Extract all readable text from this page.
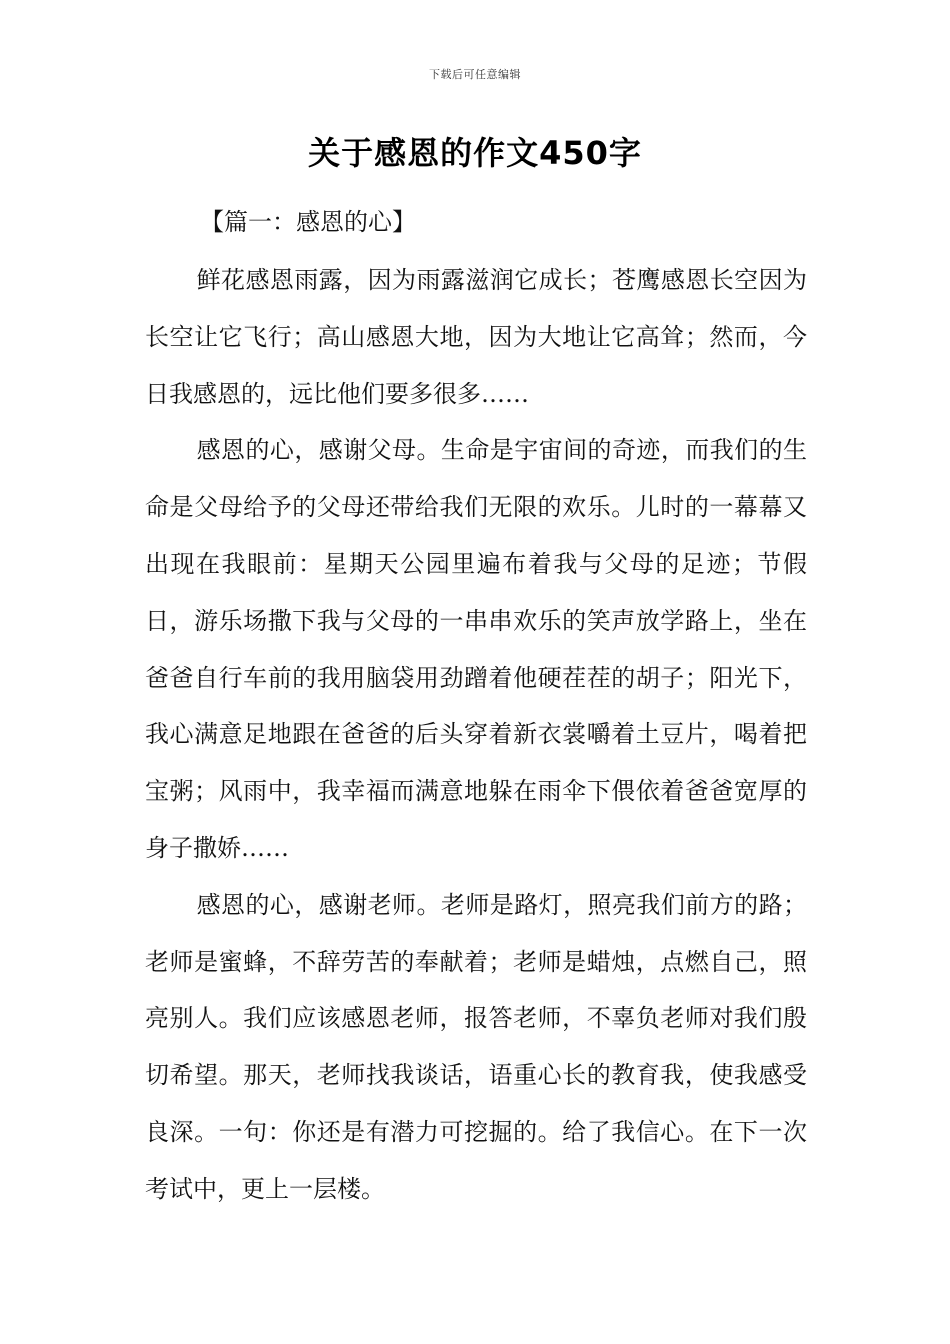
下载后可任意编辑
关于感恩的作文450字
【篇一：感恩的心】

鲜花感恩雨露，因为雨露滋润它成长；苍鹰感恩长空因为长空让它飞行；高山感恩大地，因为大地让它高耸；然而，今日我感恩的，远比他们要多很多……

感恩的心，感谢父母。生命是宇宙间的奇迹，而我们的生命是父母给予的父母还带给我们无限的欢乐。儿时的一幕幕又出现在我眼前：星期天公园里遍布着我与父母的足迹；节假日，游乐场撒下我与父母的一串串欢乐的笑声放学路上，坐在爸爸自行车前的我用脑袋用劲蹭着他硬茬茬的胡子；阳光下，我心满意足地跟在爸爸的后头穿着新衣裳嚼着土豆片，喝着把宝粥；风雨中，我幸福而满意地躲在雨伞下偎依着爸爸宽厚的身子撒娇……

感恩的心，感谢老师。老师是路灯，照亮我们前方的路；老师是蜜蜂，不辞劳苦的奉献着；老师是蜡烛，点燃自己，照亮别人。我们应该感恩老师，报答老师，不辜负老师对我们殷切希望。那天，老师找我谈话，语重心长的教育我，使我感受良深。一句：你还是有潜力可挖掘的。给了我信心。在下一次考试中，更上一层楼。
